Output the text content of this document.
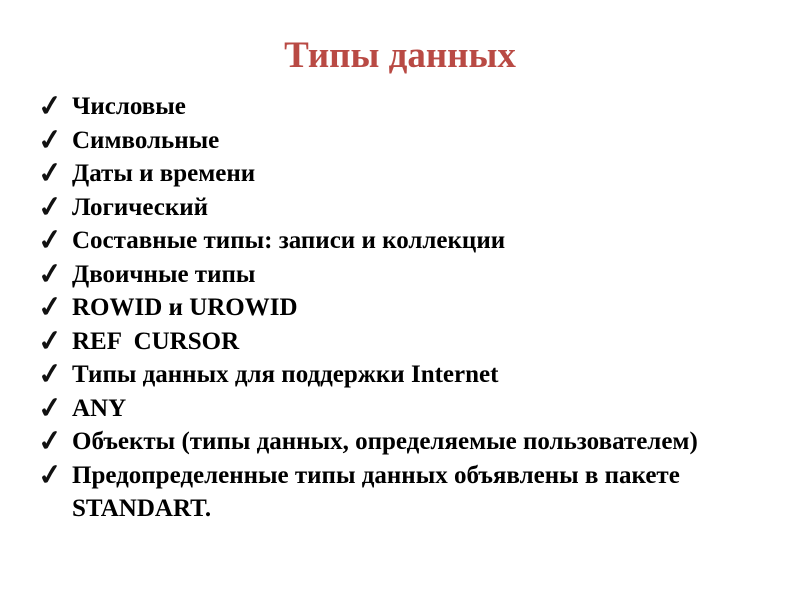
Типы данных
✓ Числовые
✓ Символьные
✓ Даты и времени
✓ Логический
✓ Составные типы: записи и коллекции
✓ Двоичные типы
✓ ROWID и UROWID
✓ REF  CURSOR
✓ Типы данных для поддержки Internet
✓ ANY
✓ Объекты (типы данных, определяемые пользователем)
✓ Предопределенные типы данных объявлены в пакете STANDART.
